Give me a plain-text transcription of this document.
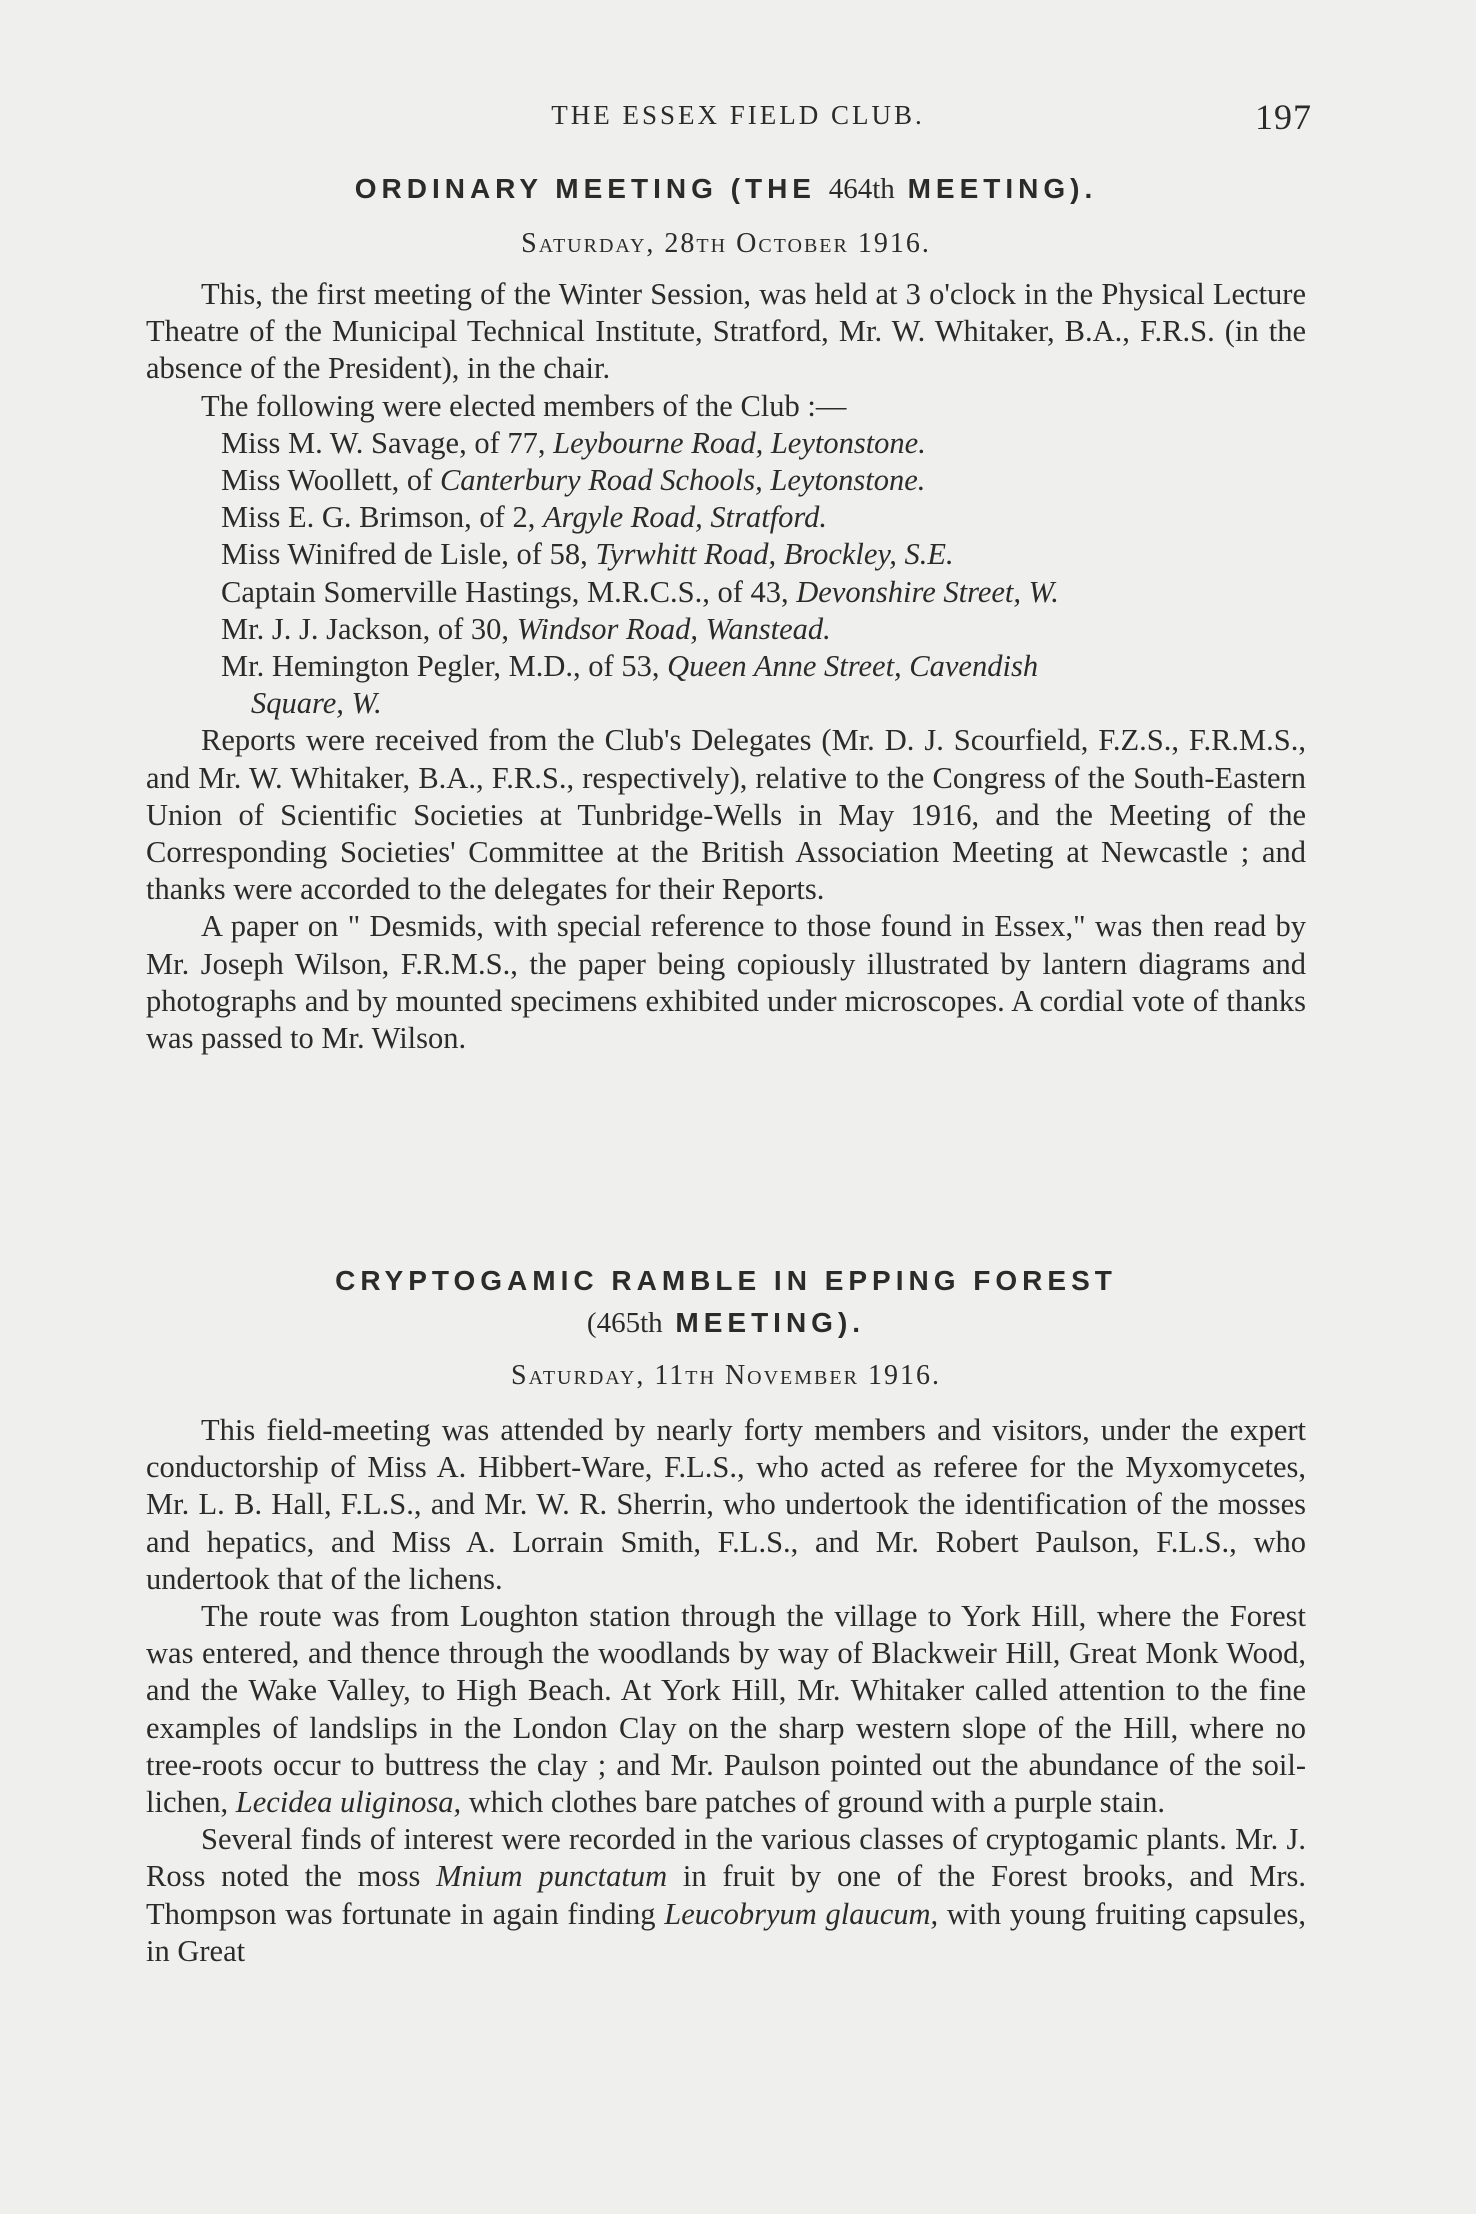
THE ESSEX FIELD CLUB.	197
ORDINARY MEETING (THE 464th MEETING).
Saturday, 28th October 1916.

This, the first meeting of the Winter Session, was held at 3 o'clock in the Physical Lecture Theatre of the Municipal Technical Institute, Stratford, Mr. W. Whitaker, B.A., F.R.S. (in the absence of the President), in the chair.

The following were elected members of the Club :—

Miss M. W. Savage, of 77, Leybourne Road, Leytonstone.
Miss Woollett, of Canterbury Road Schools, Leytonstone.
Miss E. G. Brimson, of 2, Argyle Road, Stratford.
Miss Winifred de Lisle, of 58, Tyrwhitt Road, Brockley, S.E.
Captain Somerville Hastings, M.R.C.S., of 43, Devonshire Street, W.
Mr. J. J. Jackson, of 30, Windsor Road, Wanstead.
Mr. Hemington Pegler, M.D., of 53, Queen Anne Street, Cavendish
Square, W.

Reports were received from the Club's Delegates (Mr. D. J. Scourfield, F.Z.S., F.R.M.S., and Mr. W. Whitaker, B.A., F.R.S., respectively), relative to the Congress of the South-Eastern Union of Scientific Societies at Tunbridge-Wells in May 1916, and the Meeting of the Corresponding Societies' Committee at the British Association Meeting at Newcastle ; and thanks were accorded to the delegates for their Reports.

A paper on " Desmids, with special reference to those found in Essex," was then read by Mr. Joseph Wilson, F.R.M.S., the paper being copiously illustrated by lantern diagrams and photographs and by mounted specimens exhibited under microscopes. A cordial vote of thanks was passed to Mr. Wilson.

CRYPTOGAMIC RAMBLE IN EPPING FOREST
(465th MEETING).
Saturday, 11th November 1916.

This field-meeting was attended by nearly forty members and visitors, under the expert conductorship of Miss A. Hibbert-Ware, F.L.S., who acted as referee for the Myxomycetes, Mr. L. B. Hall, F.L.S., and Mr. W. R. Sherrin, who undertook the identification of the mosses and hepatics, and Miss A. Lorrain Smith, F.L.S., and Mr. Robert Paulson, F.L.S., who undertook that of the lichens.

The route was from Loughton station through the village to York Hill, where the Forest was entered, and thence through the woodlands by way of Blackweir Hill, Great Monk Wood, and the Wake Valley, to High Beach. At York Hill, Mr. Whitaker called attention to the fine examples of landslips in the London Clay on the sharp western slope of the Hill, where no tree-roots occur to buttress the clay ; and Mr. Paulson pointed out the abundance of the soil-lichen, Lecidea uliginosa, which clothes bare patches of ground with a purple stain.

Several finds of interest were recorded in the various classes of cryptogamic plants. Mr. J. Ross noted the moss Mnium punctatum in fruit by one of the Forest brooks, and Mrs. Thompson was fortunate in again finding Leucobryum glaucum, with young fruiting capsules, in Great
